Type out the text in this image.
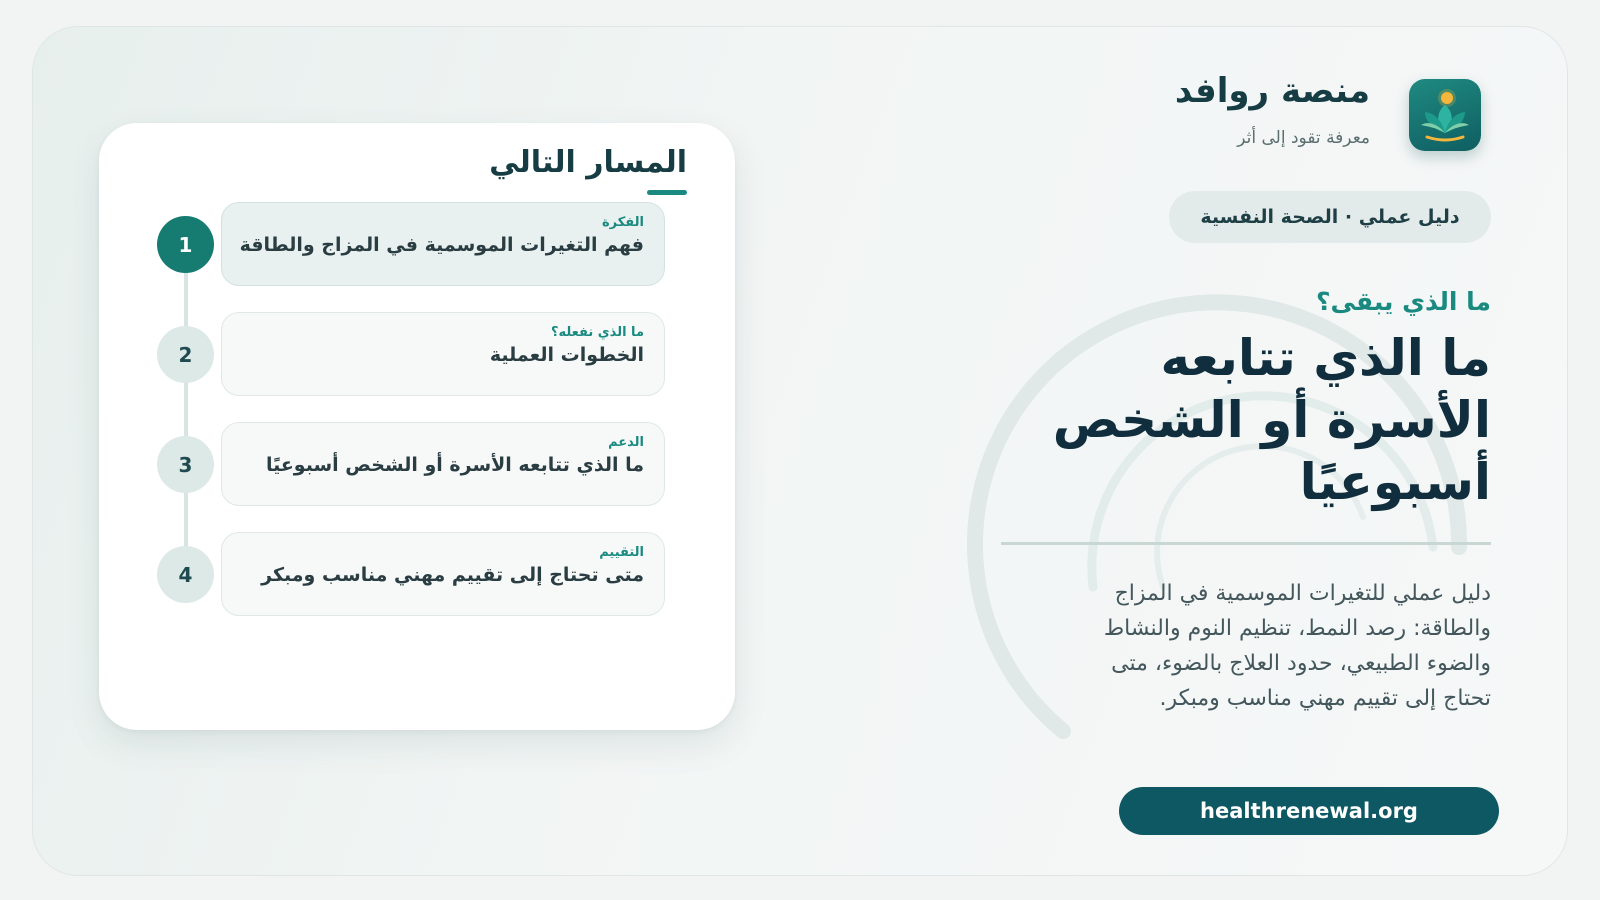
منصة روافد
معرفة تقود إلى أثر
دليل عملي · الصحة النفسية
ما الذي يبقى؟
ما الذي تتابعه الأسرة أو الشخص أسبوعيًا

دليل عملي للتغيرات الموسمية في المزاج والطاقة: رصد النمط، تنظيم النوم والنشاط والضوء الطبيعي، حدود العلاج بالضوء، متى تحتاج إلى تقييم مهني مناسب ومبكر.

healthrenewal.org
المسار التالي
1
الفكرة
فهم التغيرات الموسمية في المزاج والطاقة
2
ما الذي نفعله؟
الخطوات العملية
3
الدعم
ما الذي تتابعه الأسرة أو الشخص أسبوعيًا
4
التقييم
متى تحتاج إلى تقييم مهني مناسب ومبكر
